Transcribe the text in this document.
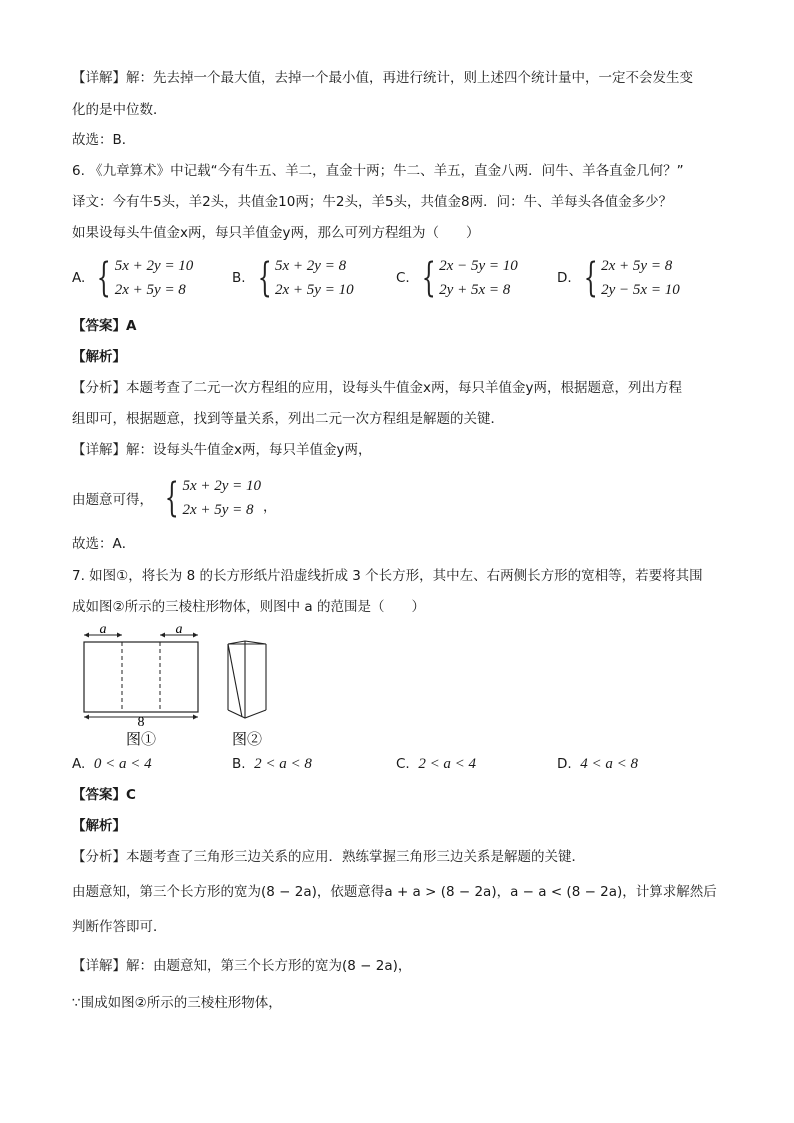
【详解】解：先去掉一个最大值，去掉一个最小值，再进行统计，则上述四个统计量中，一定不会发生变
化的是中位数．
故选：B．
6. 《九章算术》中记载“今有牛五、羊二，直金十两；牛二、羊五，直金八两．问牛、羊各直金几何？”
译文：今有牛5头，羊2头，共值金10两；牛2头，羊5头，共值金8两．问：牛、羊每头各值金多少？
如果设每头牛值金x两，每只羊值金y两，那么可列方程组为（　　）
A. { 5x + 2y = 10
2x + 5y = 8
B. { 5x + 2y = 8
2x + 5y = 10
C. { 2x − 5y = 10
2y + 5x = 8
D. { 2x + 5y = 8
2y − 5x = 10
【答案】A
【解析】
【分析】本题考查了二元一次方程组的应用，设每头牛值金x两，每只羊值金y两，根据题意，列出方程
组即可，根据题意，找到等量关系，列出二元一次方程组是解题的关键．
【详解】解：设每头牛值金x两，每只羊值金y两，
由题意可得， { 5x + 2y = 10
2x + 5y = 8 ，
故选：A．
7. 如图①，将长为 8 的长方形纸片沿虚线折成 3 个长方形，其中左、右两侧长方形的宽相等，若要将其围
成如图②所示的三棱柱形物体，则图中 a 的范围是（　　）
a	a
8
图①	图②
A. 0 < a < 4	B. 2 < a < 8	C. 2 < a < 4	D. 4 < a < 8
【答案】C
【解析】
【分析】本题考查了三角形三边关系的应用．熟练掌握三角形三边关系是解题的关键．
由题意知，第三个长方形的宽为(8 − 2a)，依题意得a + a > (8 − 2a)，a − a < (8 − 2a)，计算求解然后
判断作答即可．
【详解】解：由题意知，第三个长方形的宽为(8 − 2a)，
∵围成如图②所示的三棱柱形物体，
